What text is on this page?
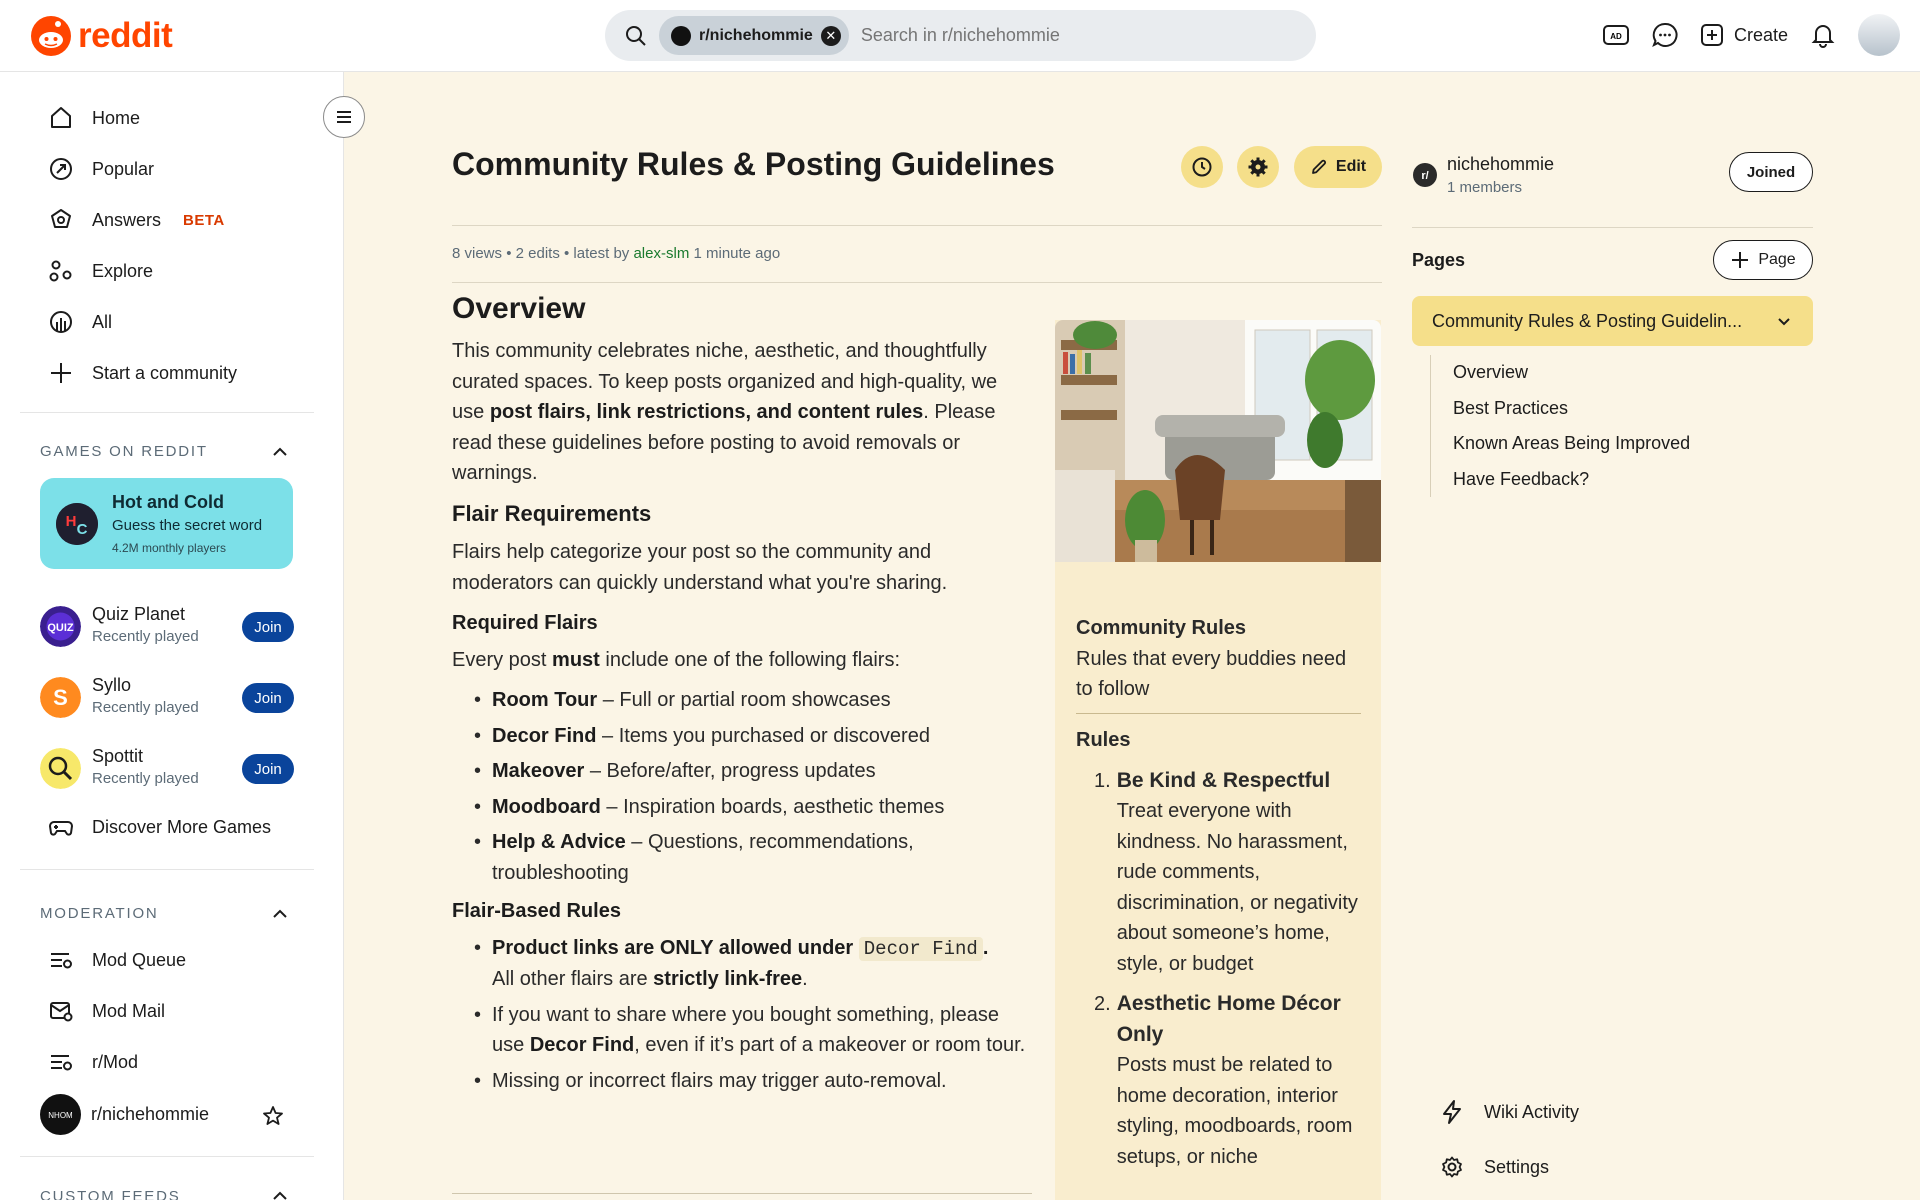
reddit	r/nichehommie ✕
Search in r/nichehommie	AD	Create
Home
Popular
Answers BETA
Explore
All
Start a community
GAMES ON REDDIT
H C
Hot and Cold
Guess the secret word
4.2M monthly players
QUIZ
Quiz Planet
Recently played
Join
S Syllo
Recently played
Join
Spottit
Recently played
Join
Discover More Games
MODERATION
Mod Queue
Mod Mail
r/Mod
NHOM r/nichehommie
CUSTOM FEEDS
Community Rules & Posting Guidelines	Edit
8 views • 2 edits • latest by alex-slm 1 minute ago
Overview

This community celebrates niche, aesthetic, and thoughtfully curated spaces. To keep posts organized and high-quality, we use post flairs, link restrictions, and content rules. Please read these guidelines before posting to avoid removals or warnings.

Flair Requirements

Flairs help categorize your post so the community and moderators can quickly understand what you're sharing.

Required Flairs

Every post must include one of the following flairs:

• Room Tour – Full or partial room showcases
• Decor Find – Items you purchased or discovered
• Makeover – Before/after, progress updates
• Moodboard – Inspiration boards, aesthetic themes
• Help & Advice – Questions, recommendations, troubleshooting
Flair-Based Rules
• Product links are ONLY allowed under Decor Find .
All other flairs are strictly link-free.
• If you want to share where you bought something, please use Decor Find, even if it’s part of a makeover or room tour.
• Missing or incorrect flairs may trigger auto-removal.
Community Rules
Rules that every buddies need to follow
Rules
1. Be Kind & Respectful
Treat everyone with kindness. No harassment, rude comments, discrimination, or negativity about someone’s home, style, or budget
2. Aesthetic Home Décor Only
Posts must be related to home decoration, interior styling, moodboards, room setups, or niche
r/
nichehommie
1 members
Joined
Pages	Page
Community Rules & Posting Guidelin...
Overview
Best Practices
Known Areas Being Improved
Have Feedback?
Wiki Activity
Settings
